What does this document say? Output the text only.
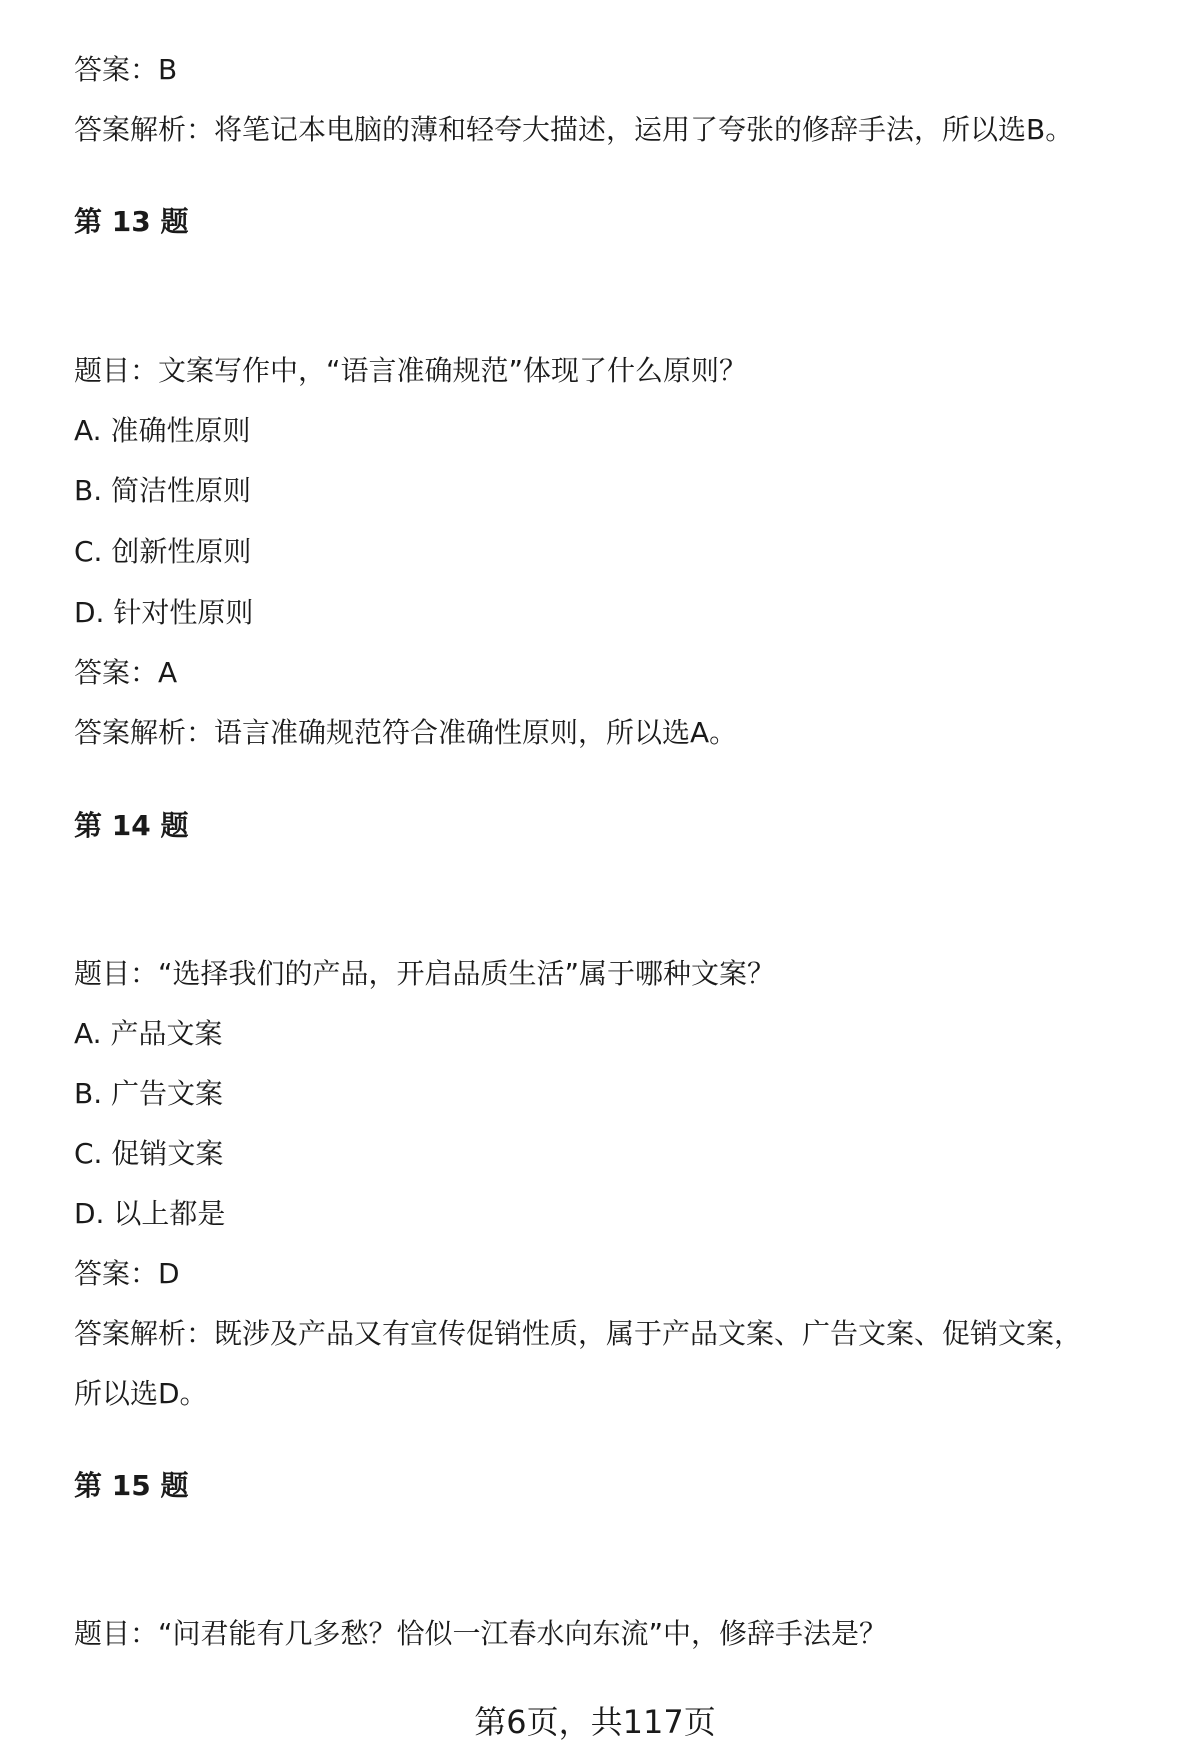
答案：B
答案解析：将笔记本电脑的薄和轻夸大描述，运用了夸张的修辞手法，所以选B。
第 13 题
题目：文案写作中，“语言准确规范”体现了什么原则？
A. 准确性原则
B. 简洁性原则
C. 创新性原则
D. 针对性原则
答案：A
答案解析：语言准确规范符合准确性原则，所以选A。
第 14 题
题目：“选择我们的产品，开启品质生活”属于哪种文案？
A. 产品文案
B. 广告文案
C. 促销文案
D. 以上都是
答案：D
答案解析：既涉及产品又有宣传促销性质，属于产品文案、广告文案、促销文案，
所以选D。
第 15 题
题目：“问君能有几多愁？恰似一江春水向东流”中，修辞手法是？
第6页，共117页
